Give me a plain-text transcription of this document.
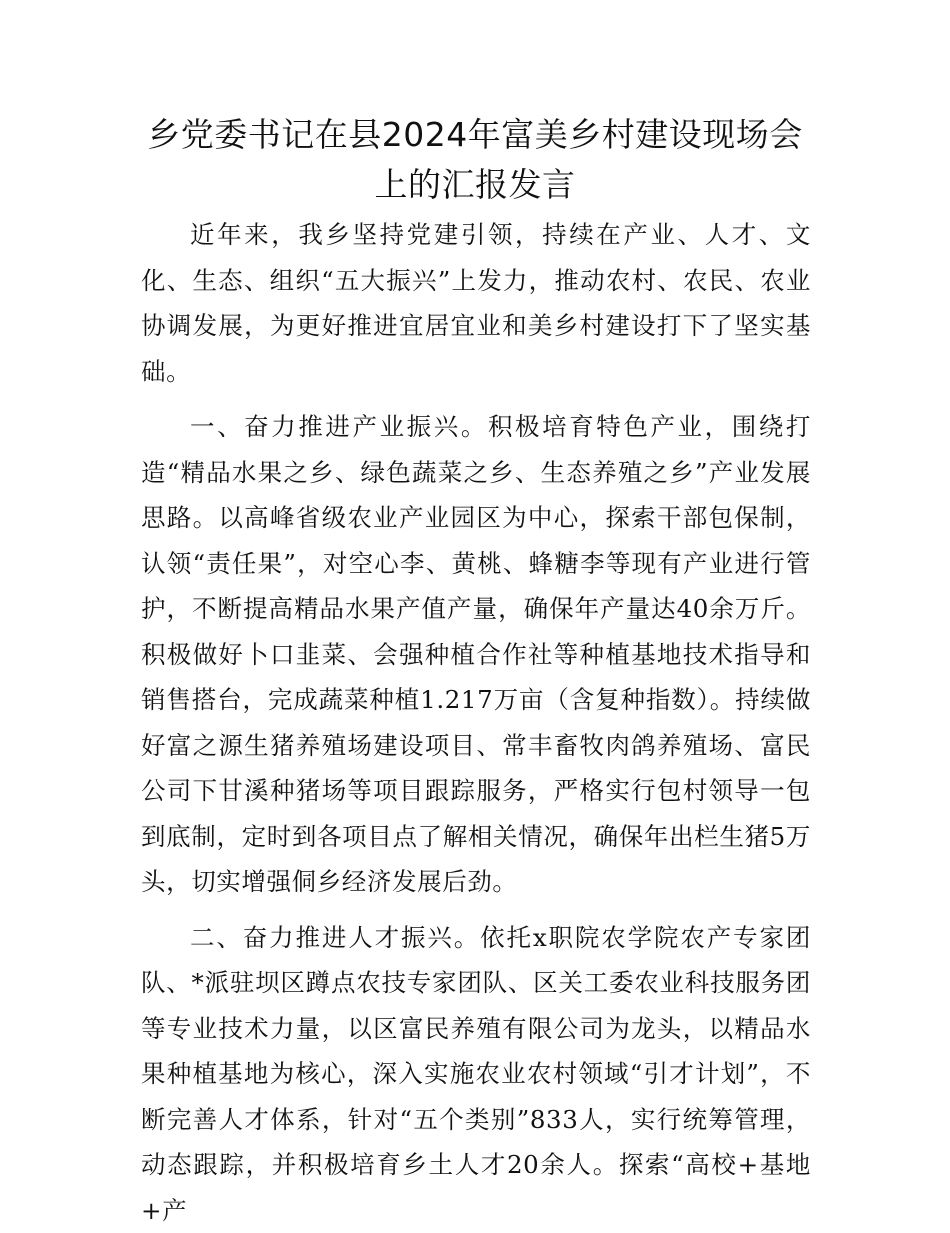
乡党委书记在县2024年富美乡村建设现场会上的汇报发言

近年来，我乡坚持党建引领，持续在产业、人才、文化、生态、组织“五大振兴”上发力，推动农村、农民、农业协调发展，为更好推进宜居宜业和美乡村建设打下了坚实基础。

一、奋力推进产业振兴。积极培育特色产业，围绕打造“精品水果之乡、绿色蔬菜之乡、生态养殖之乡”产业发展思路。以高峰省级农业产业园区为中心，探索干部包保制，认领“责任果”，对空心李、黄桃、蜂糖李等现有产业进行管护，不断提高精品水果产值产量，确保年产量达40余万斤。积极做好卜口韭菜、会强种植合作社等种植基地技术指导和销售搭台，完成蔬菜种植1.217万亩（含复种指数）。持续做好富之源生猪养殖场建设项目、常丰畜牧肉鸽养殖场、富民公司下甘溪种猪场等项目跟踪服务，严格实行包村领导一包到底制，定时到各项目点了解相关情况，确保年出栏生猪5万头，切实增强侗乡经济发展后劲。

二、奋力推进人才振兴。依托x职院农学院农产专家团队、*派驻坝区蹲点农技专家团队、区关工委农业科技服务团等专业技术力量，以区富民养殖有限公司为龙头，以精品水果种植基地为核心，深入实施农业农村领域“引才计划”，不断完善人才体系，针对“五个类别”833人，实行统筹管理，动态跟踪，并积极培育乡土人才20余人。探索“高校+基地+产
